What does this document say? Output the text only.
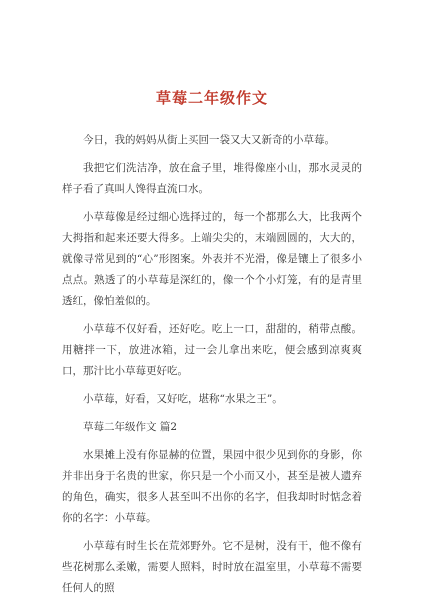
草莓二年级作文

今日，我的妈妈从街上买回一袋又大又新奇的小草莓。

我把它们洗洁净，放在盒子里，堆得像座小山，那水灵灵的样子看了真叫人馋得直流口水。

小草莓像是经过细心选择过的，每一个都那么大，比我两个大拇指和起来还要大得多。上端尖尖的，末端圆圆的，大大的，就像寻常见到的“心”形图案。外表并不光滑，像是镶上了很多小点点。熟透了的小草莓是深红的，像一个个小灯笼，有的是青里透红，像怕羞似的。

小草莓不仅好看，还好吃。吃上一口，甜甜的，稍带点酸。用糖拌一下，放进冰箱，过一会儿拿出来吃，便会感到凉爽爽口，那汁比小草莓更好吃。

小草莓，好看，又好吃，堪称“水果之王”。

草莓二年级作文 篇2

水果摊上没有你显赫的位置，果园中很少见到你的身影，你并非出身于名贵的世家，你只是一个小而又小，甚至是被人遗弃的角色，确实，很多人甚至叫不出你的名字，但我却时时惦念着你的名字：小草莓。

小草莓有时生长在荒郊野外。它不是树，没有干，他不像有些花树那么柔嫩，需要人照料，时时放在温室里，小草莓不需要任何人的照
